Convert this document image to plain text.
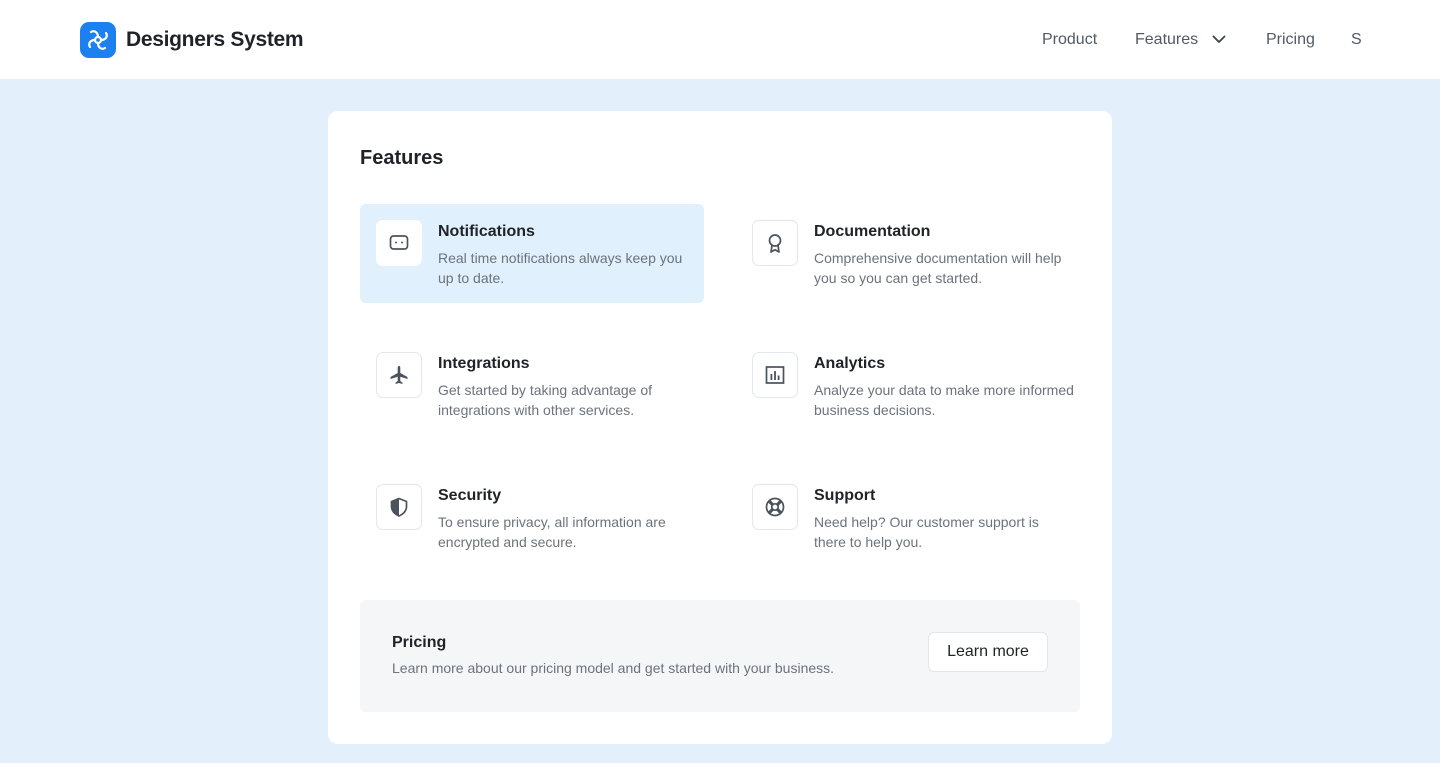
Designers System	Product Features	Pricing S
Features
Notifications
Real time notifications always keep you up to date.
Documentation
Comprehensive documentation will help you so you can get started.
Integrations
Get started by taking advantage of integrations with other services.
Analytics
Analyze your data to make more informed business decisions.
Security
To ensure privacy, all information are encrypted and secure.
Support
Need help? Our customer support is there to help you.
Pricing
Learn more about our pricing model and get started with your business.
Learn more
